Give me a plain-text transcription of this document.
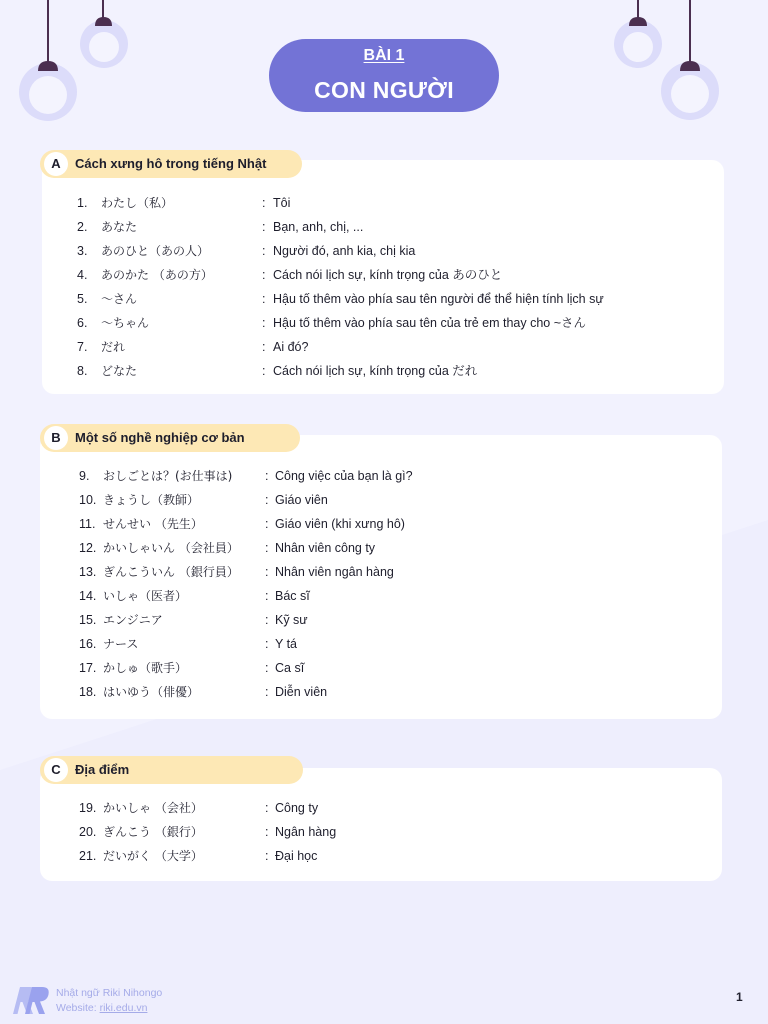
BÀI 1
CON NGƯỜI
A	Cách xưng hô trong tiếng Nhật
1. わたし（私）	: Tôi
2. あなた	: Bạn, anh, chị, ...
3. あのひと（あの人）	: Người đó, anh kia, chị kia
4. あのかた （あの方）	: Cách nói lịch sự, kính trọng của あのひと
5. ～さん	: Hậu tố thêm vào phía sau tên người để thể hiện tính lịch sự
6. ～ちゃん	: Hậu tố thêm vào phía sau tên của trẻ em thay cho ~さん
7. だれ	: Ai đó?
8. どなた	: Cách nói lịch sự, kính trọng của だれ
B	Một số nghề nghiệp cơ bản
9. おしごとは？(お仕事は)	: Công việc của bạn là gì?
10. きょうし（教師）	: Giáo viên
11. せんせい （先生）	: Giáo viên (khi xưng hô)
12. かいしゃいん （会社員） : Nhân viên công ty
13. ぎんこういん （銀行員） : Nhân viên ngân hàng
14. いしゃ（医者）	: Bác sĩ
15. エンジニア	: Kỹ sư
16. ナース	: Y tá
17. かしゅ（歌手）	: Ca sĩ
18. はいゆう（俳優）	: Diễn viên
C	Địa điểm
19. かいしゃ （会社）	: Công ty
20. ぎんこう （銀行）	: Ngân hàng
21. だいがく （大学）	: Đại học
Nhật ngữ Riki Nihongo
Website: riki.edu.vn
1
